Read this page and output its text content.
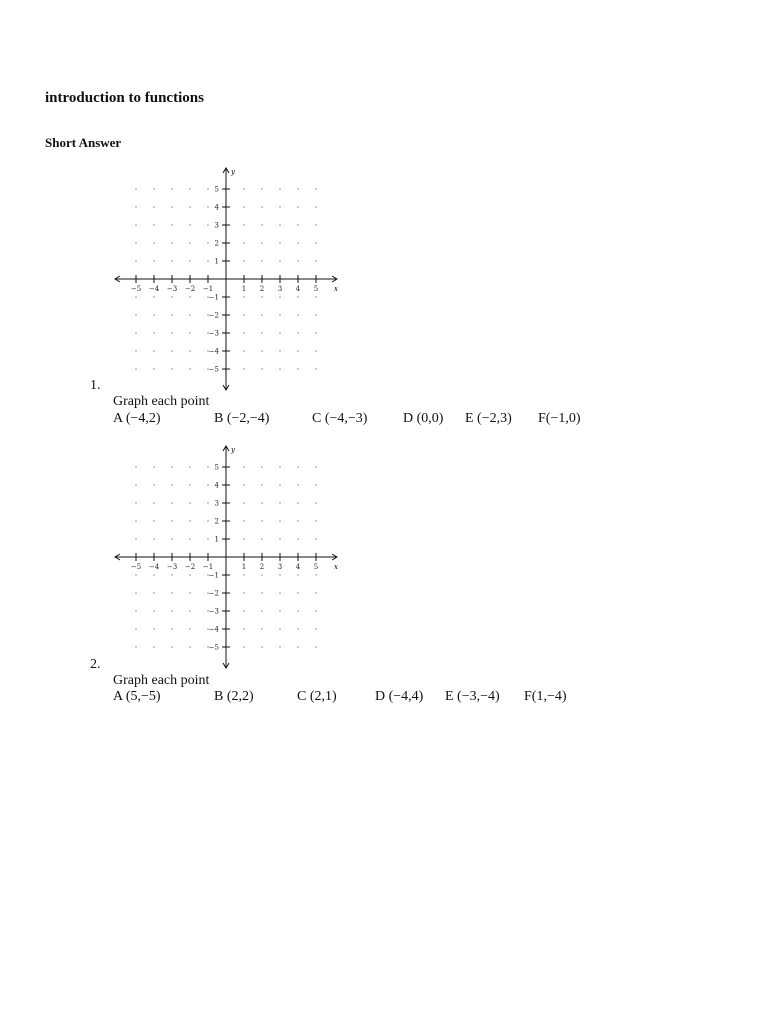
introduction to functions
Short Answer
−5 −4 −3 −2 −1	1 2 3 4 5
5
4
3
2
1
−1
−2
−3
−4
−5
x
y
1.
Graph each point
A (−4,2)	B (−2,−4)	C (−4,−3)	D (0,0) E (−2,3) F(−1,0)
−5 −4 −3 −2 −1	1 2 3 4 5
5
4
3
2
1
−1
−2
−3
−4
−5
x
y
2.
Graph each point
A (5,−5)	B (2,2)	C (2,1)	D (−4,4) E (−3,−4) F(1,−4)
